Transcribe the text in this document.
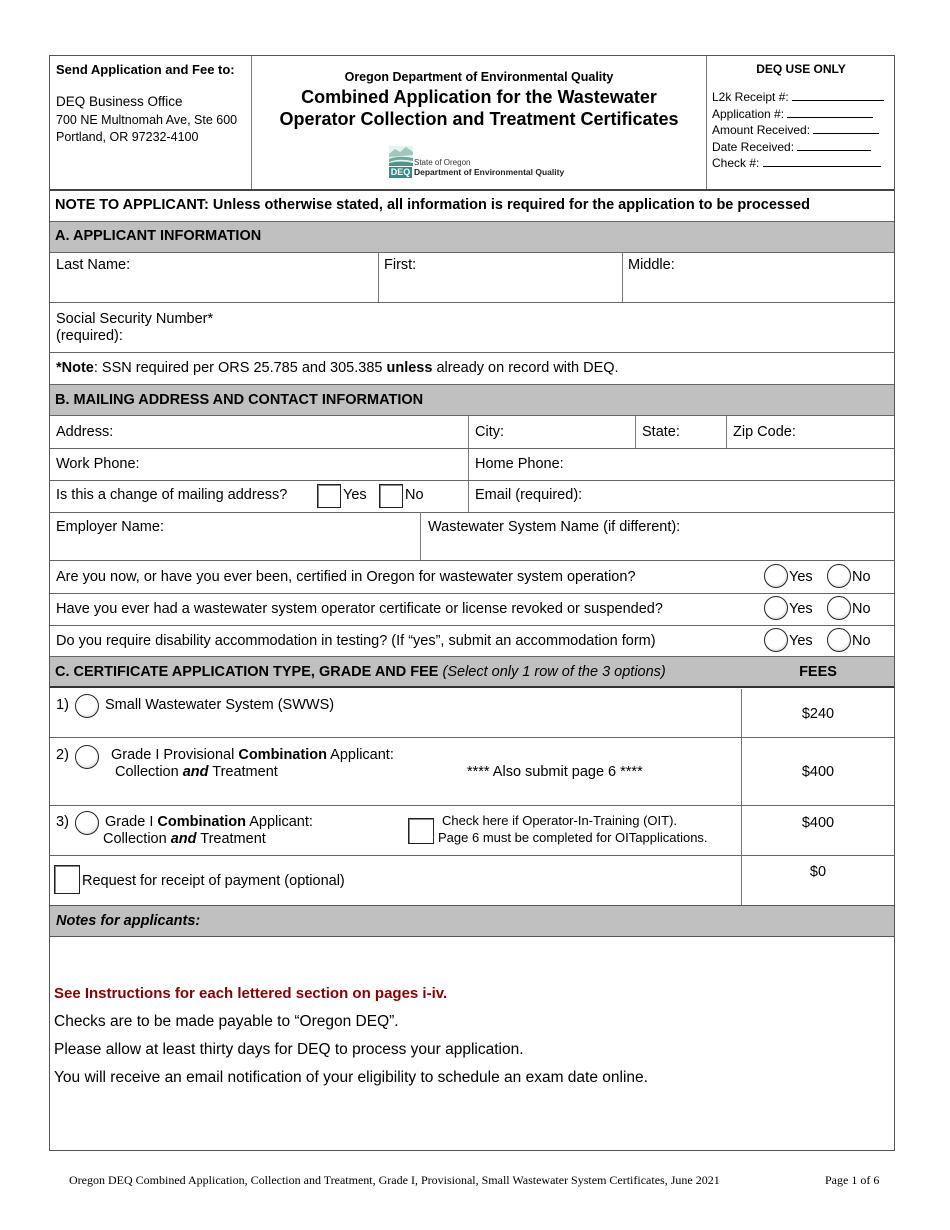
Send Application and Fee to:
DEQ Business Office
700 NE Multnomah Ave, Ste 600
Portland, OR 97232-4100
Oregon Department of Environmental Quality
Combined Application for the Wastewater
Operator Collection and Treatment Certificates
DEQ
State of Oregon
Department of Environmental Quality
DEQ USE ONLY
L2k Receipt #:
Application #:
Amount Received:
Date Received:
Check #:
NOTE TO APPLICANT: Unless otherwise stated, all information is required for the application to be processed
A. APPLICANT INFORMATION
Last Name:	First:	Middle:
Social Security Number*
(required):
*Note: SSN required per ORS 25.785 and 305.385 unless already on record with DEQ.
B. MAILING ADDRESS AND CONTACT INFORMATION
Address:	City:	State:	Zip Code:
Work Phone:	Home Phone:
Is this a change of mailing address?	Yes	No	Email (required):
Employer Name:	Wastewater System Name (if different):
Are you now, or have you ever been, certified in Oregon for wastewater system operation?	Yes	No
Have you ever had a wastewater system operator certificate or license revoked or suspended?	Yes	No
Do you require disability accommodation in testing? (If “yes”, submit an accommodation form)	Yes	No
C. CERTIFICATE APPLICATION TYPE, GRADE AND FEE (Select only 1 row of the 3 options)	FEES
1) Small Wastewater System (SWWS)
$240
2)	Grade I Provisional Combination Applicant:
Collection and Treatment	**** Also submit page 6 ****	$400
3) Grade I Combination Applicant:
Collection and Treatment
Check here if Operator-In-Training (OIT).
Page 6 must be completed for OITapplications.
$400
Request for receipt of payment (optional)
$0
Notes for applicants:
See Instructions for each lettered section on pages i-iv.
Checks are to be made payable to “Oregon DEQ”.
Please allow at least thirty days for DEQ to process your application.
You will receive an email notification of your eligibility to schedule an exam date online.
Oregon DEQ Combined Application, Collection and Treatment, Grade I, Provisional, Small Wastewater System Certificates, June 2021	Page 1 of 6
